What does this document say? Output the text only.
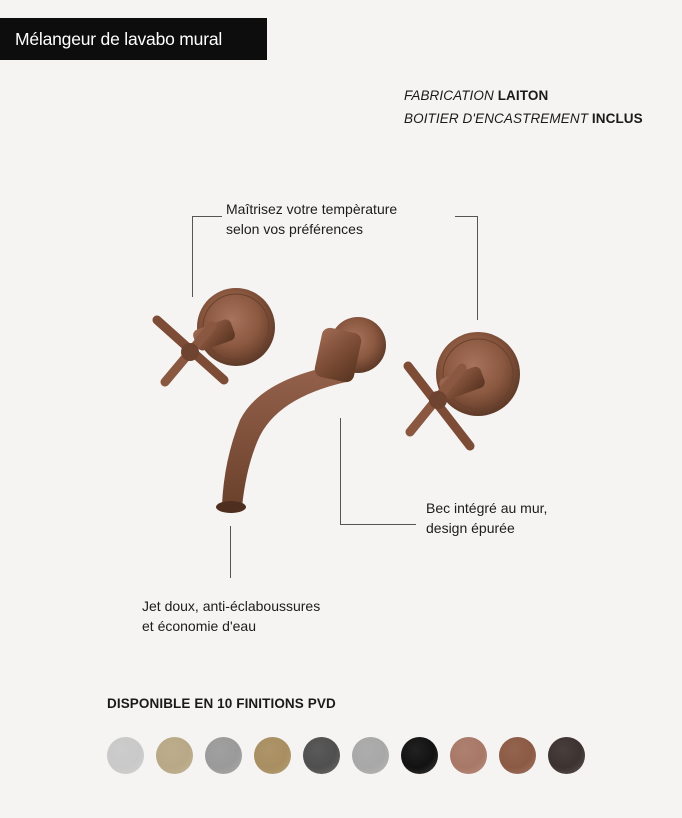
Mélangeur de lavabo mural
FABRICATION LAITON
BOITIER D'ENCASTREMENT INCLUS
Maîtrisez votre tempèrature
selon vos préférences
Bec intégré au mur,
design épurée
Jet doux, anti-éclaboussures
et économie d'eau
DISPONIBLE EN 10 FINITIONS PVD
